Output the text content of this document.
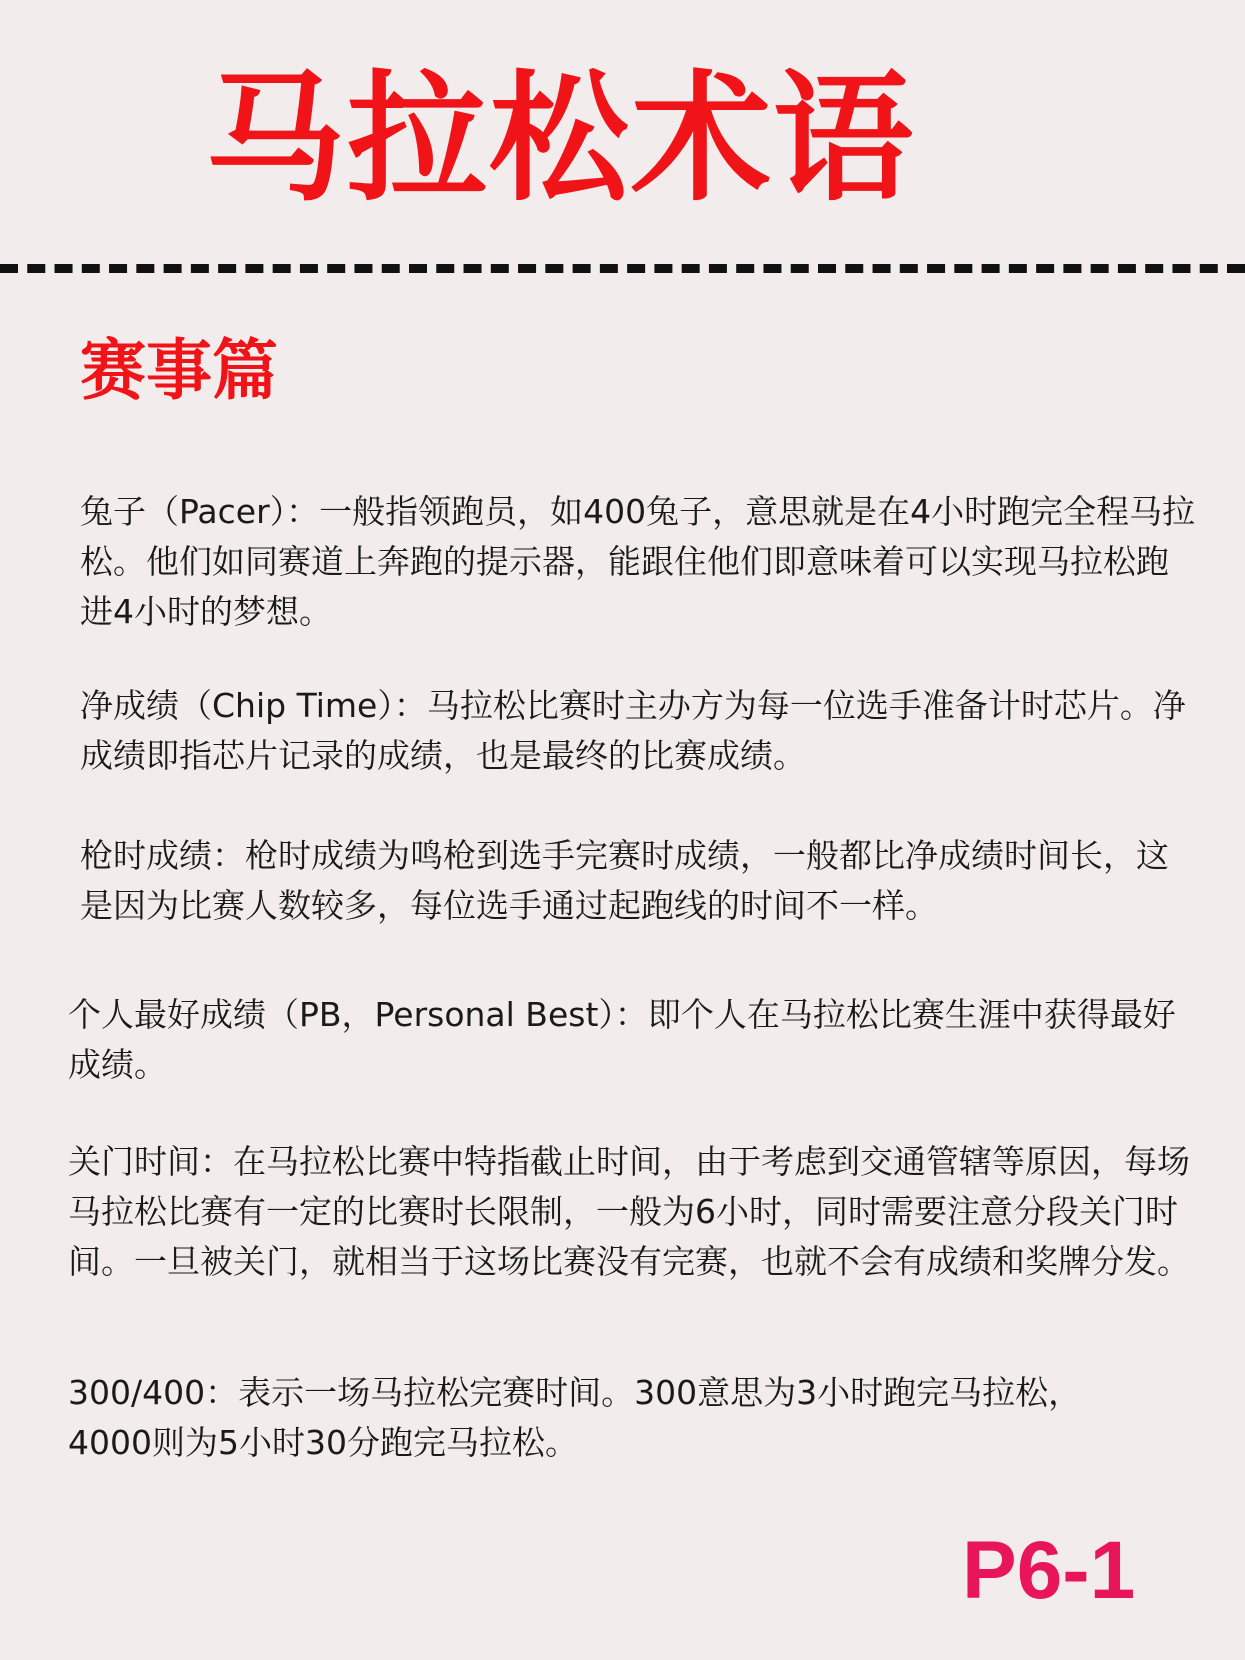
马拉松术语
赛事篇

兔子（Pacer）：一般指领跑员，如400兔子，意思就是在4小时跑完全程马拉松。他们如同赛道上奔跑的提示器，能跟住他们即意味着可以实现马拉松跑进4小时的梦想。

净成绩（Chip Time）：马拉松比赛时主办方为每一位选手准备计时芯片。净成绩即指芯片记录的成绩，也是最终的比赛成绩。

枪时成绩：枪时成绩为鸣枪到选手完赛时成绩，一般都比净成绩时间长，这是因为比赛人数较多，每位选手通过起跑线的时间不一样。

个人最好成绩（PB，Personal Best）：即个人在马拉松比赛生涯中获得最好成绩。

关门时间：在马拉松比赛中特指截止时间，由于考虑到交通管辖等原因，每场马拉松比赛有一定的比赛时长限制，一般为6小时，同时需要注意分段关门时间。一旦被关门，就相当于这场比赛没有完赛，也就不会有成绩和奖牌分发。

300/400：表示一场马拉松完赛时间。300意思为3小时跑完马拉松，4000则为5小时30分跑完马拉松。

P6-1
